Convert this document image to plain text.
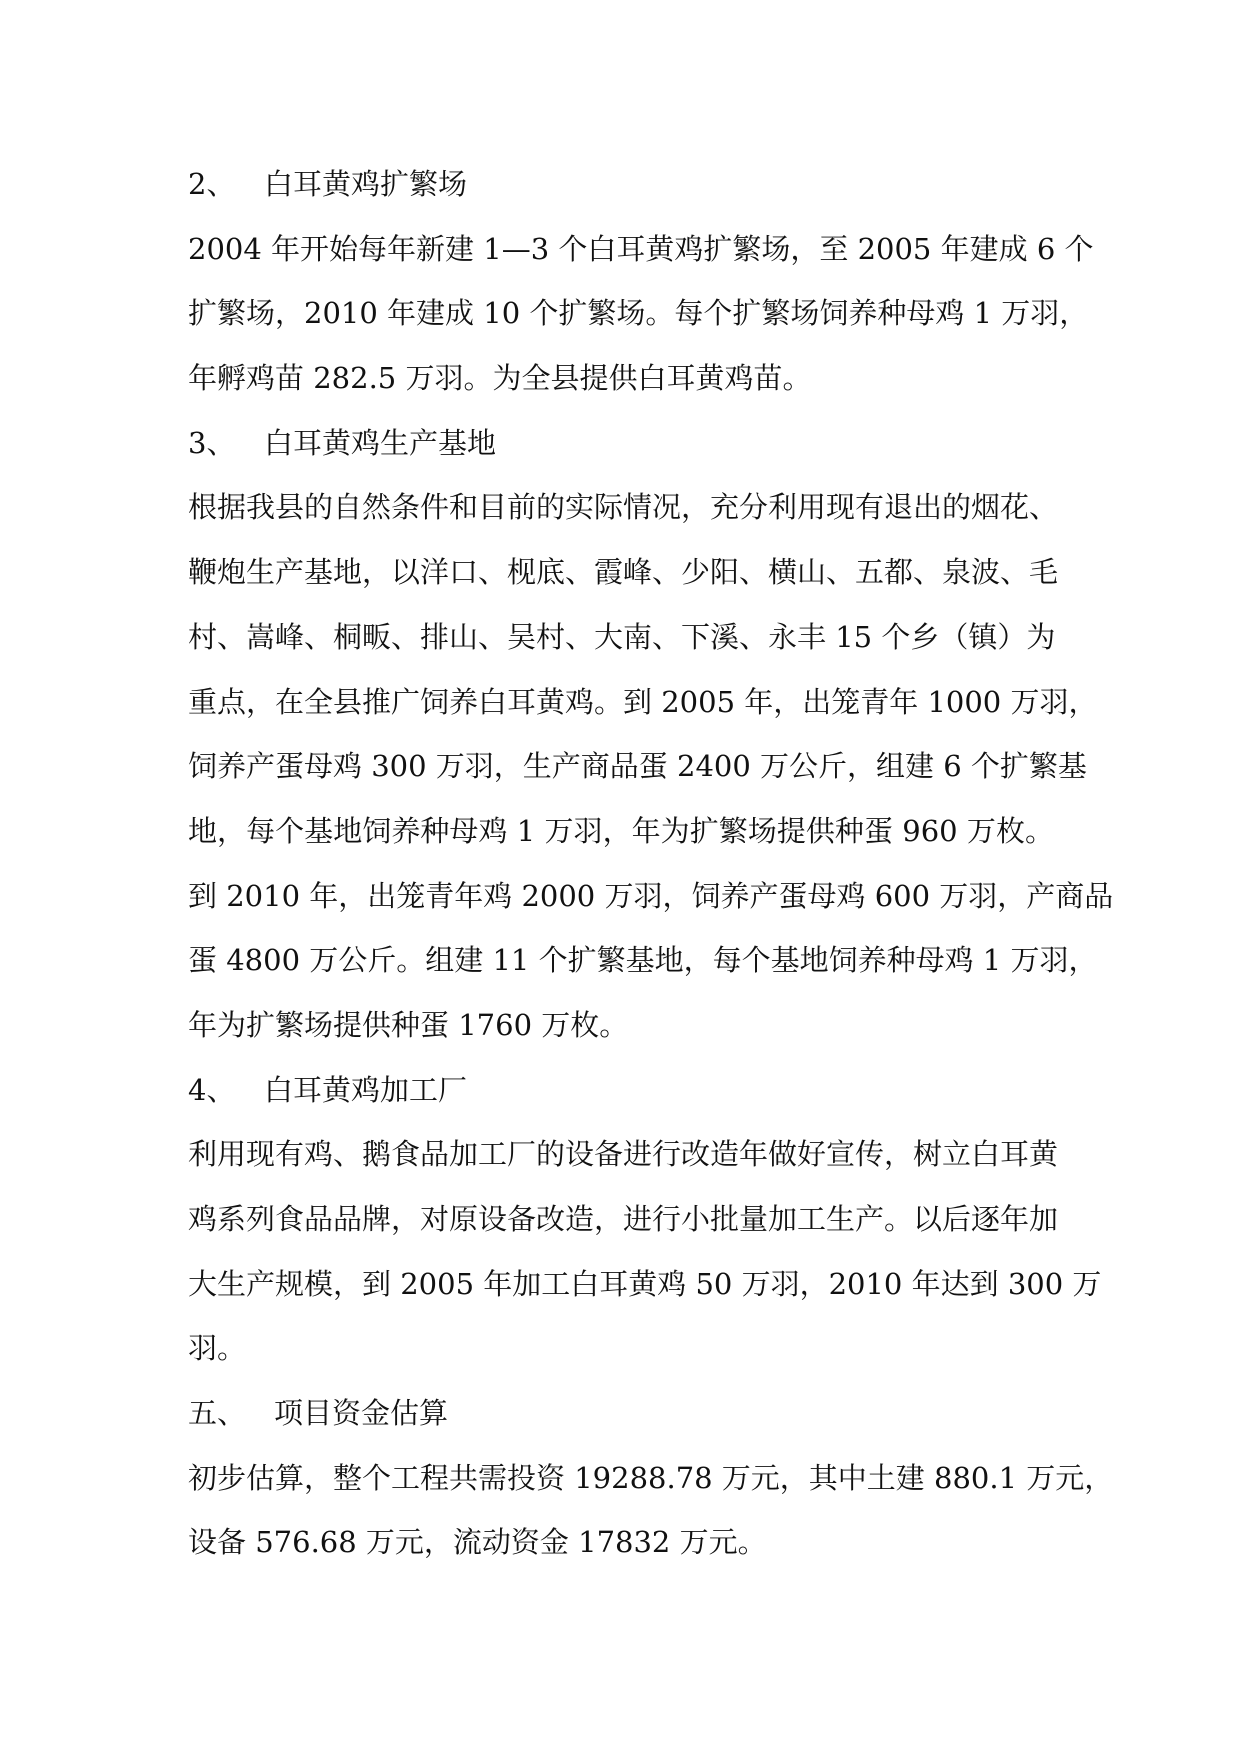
2、 白耳黄鸡扩繁场
2004 年开始每年新建 1—3 个白耳黄鸡扩繁场，至 2005 年建成 6 个
扩繁场，2010 年建成 10 个扩繁场。每个扩繁场饲养种母鸡 1 万羽，
年孵鸡苗 282.5 万羽。为全县提供白耳黄鸡苗。
3、 白耳黄鸡生产基地
根据我县的自然条件和目前的实际情况，充分利用现有退出的烟花、
鞭炮生产基地，以洋口、枧底、霞峰、少阳、横山、五都、泉波、毛
村、嵩峰、桐畈、排山、吴村、大南、下溪、永丰 15 个乡（镇）为
重点，在全县推广饲养白耳黄鸡。到 2005 年，出笼青年 1000 万羽，
饲养产蛋母鸡 300 万羽，生产商品蛋 2400 万公斤，组建 6 个扩繁基
地，每个基地饲养种母鸡 1 万羽，年为扩繁场提供种蛋 960 万枚。
到 2010 年，出笼青年鸡 2000 万羽，饲养产蛋母鸡 600 万羽，产商品
蛋 4800 万公斤。组建 11 个扩繁基地，每个基地饲养种母鸡 1 万羽，
年为扩繁场提供种蛋 1760 万枚。
4、 白耳黄鸡加工厂
利用现有鸡、鹅食品加工厂的设备进行改造年做好宣传，树立白耳黄
鸡系列食品品牌，对原设备改造，进行小批量加工生产。以后逐年加
大生产规模，到 2005 年加工白耳黄鸡 50 万羽，2010 年达到 300 万
羽。
五、 项目资金估算
初步估算，整个工程共需投资 19288.78 万元，其中土建 880.1 万元，
设备 576.68 万元，流动资金 17832 万元。
